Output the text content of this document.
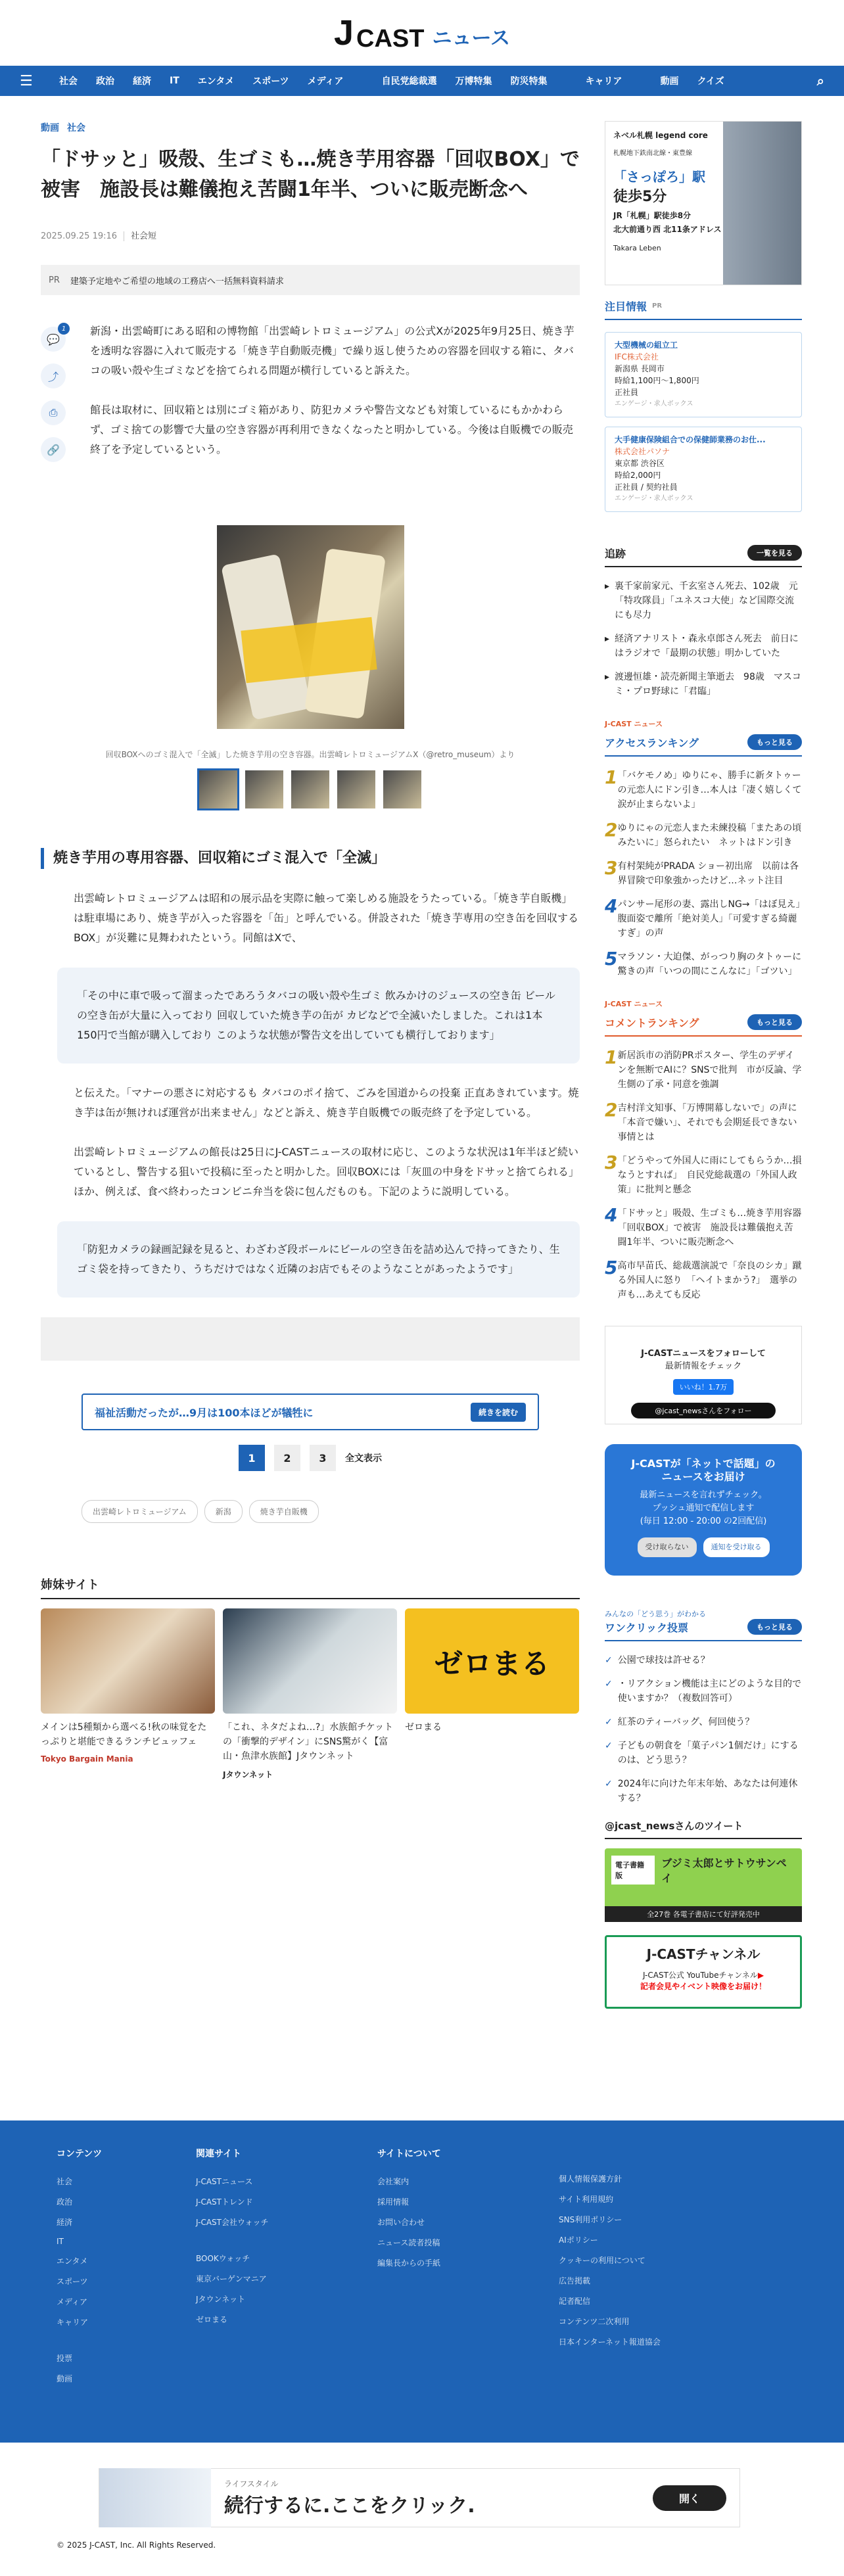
J CAST ニュース
☰	社会 政治 経済 IT エンタメ スポーツ メディア	自民党総裁選 万博特集 防災特集	キャリア	動画 クイズ	⌕
動画 社会
「ドサッと」吸殻、生ゴミも…焼き芋用容器「回収BOX」で被害　施設長は難儀抱え苦闘1年半、ついに販売断念へ
2025.09.25 19:16 社会短
PR 建築予定地やご希望の地域の工務店へ一括無料資料請求
💬
1
⤴
⎙
🔗

新潟・出雲崎町にある昭和の博物館「出雲崎レトロミュージアム」の公式Xが2025年9月25日、焼き芋を透明な容器に入れて販売する「焼き芋自動販売機」で繰り返し使うための容器を回収する箱に、タバコの吸い殻や生ゴミなどを捨てられる問題が横行していると訴えた。

館長は取材に、回収箱とは別にゴミ箱があり、防犯カメラや警告文なども対策しているにもかかわらず、ゴミ捨ての影響で大量の空き容器が再利用できなくなったと明かしている。今後は自販機での販売終了を予定しているという。

回収BOXへのゴミ混入で「全滅」した焼き芋用の空き容器。出雲崎レトロミュージアムX（@retro_museum）より
焼き芋用の専用容器、回収箱にゴミ混入で「全滅」

出雲崎レトロミュージアムは昭和の展示品を実際に触って楽しめる施設をうたっている。「焼き芋自販機」は駐車場にあり、焼き芋が入った容器を「缶」と呼んでいる。併設された「焼き芋専用の空き缶を回収するBOX」が災難に見舞われたという。同館はXで、

「その中に車で吸って溜まったであろうタバコの吸い殻や生ゴミ 飲みかけのジュースの空き缶 ビールの空き缶が大量に入っており 回収していた焼き芋の缶が カビなどで全滅いたしました。これは1本150円で当館が購入しており このような状態が警告文を出していても横行しております」

と伝えた。「マナーの悪さに対応するも タバコのポイ捨て、ごみを国道からの投棄 正直あきれています。焼き芋は缶が無ければ運営が出来ません」などと訴え、焼き芋自販機での販売終了を予定している。

出雲崎レトロミュージアムの館長は25日にJ-CASTニュースの取材に応じ、このような状況は1年半ほど続いているとし、警告する狙いで投稿に至ったと明かした。回収BOXには「灰皿の中身をドサッと捨てられる」ほか、例えば、食べ終わったコンビニ弁当を袋に包んだものも。下記のように説明している。

「防犯カメラの録画記録を見ると、わざわざ段ボールにビールの空き缶を詰め込んで持ってきたり、生ゴミ袋を持ってきたり、うちだけではなく近隣のお店でもそのようなことがあったようです」
福祉活動だったが…9月は100本ほどが犠牲に	続きを読む
1	2	3	全文表示
出雲崎レトロミュージアム	新潟	焼き芋自販機
姉妹サイト
メインは5種類から選べる!秋の味覚をたっぷりと堪能できるランチビュッフェ
Tokyo Bargain Mania
「これ、ネタだよね…?」水族館チケットの「衝撃的デザイン」にSNS驚がく【富山・魚津水族館】Jタウンネット
Jタウンネット
ゼロまる
ゼロまる
ネベル札幌 legend core
札幌地下鉄南北線・東豊線
「さっぽろ」駅
徒歩5分
JR「札幌」駅徒歩8分
北大前通り西 北11条アドレス
Takara Leben
注目情報 PR
大型機械の組立工
IFC株式会社
新潟県 長岡市
時給1,100円〜1,800円
正社員
エンゲージ・求人ボックス
大手健康保険組合での保健師業務のお仕...
株式会社パソナ
東京都 渋谷区
時給2,000円
正社員 / 契約社員
エンゲージ・求人ボックス
追跡	一覧を見る
▸ 裏千家前家元、千玄室さん死去、102歳　元「特攻隊員」「ユネスコ大使」など国際交流にも尽力
▸ 経済アナリスト・森永卓郎さん死去　前日にはラジオで「最期の状態」明かしていた
▸ 渡邊恒雄・読売新聞主筆逝去　98歳　マスコミ・プロ野球に「君臨」
J-CAST ニュース
アクセスランキング	もっと見る
1 「バケモノめ」ゆりにゃ、勝手に新タトゥーの元恋人にドン引き…本人は「凄く嬉しくて涙が止まらないよ」
2 ゆりにゃの元恋人また未練投稿「またあの頃みたいに」怒られたい　ネットはドン引き
3 有村架純がPRADA ショー初出席　以前は各界冒険で印象強かったけど…ネット注目
4 パンサー尾形の妻、露出しNG→「はぼ見え」腹面姿で離所「絶対美人」「可愛すぎる綺麗すぎ」の声
5 マラソン・大迫傑、がっつり胸のタトゥーに驚きの声「いつの間にこんなに」「ゴツい」
J-CAST ニュース
コメントランキング	もっと見る
1 新居浜市の消防PRポスター、学生のデザインを無断でAIに？SNSで批判　市が反論、学生側の了承・同意を強調
2 吉村洋文知事、「万博開幕しないで」の声に「本音で嫌い」、それでも会期延長できない事情とは
3 「どうやって外国人に雨にしてもらうか…損なうとすれば」　自民党総裁選の「外国人政策」に批判と懸念
4 「ドサッと」吸殻、生ゴミも…焼き芋用容器「回収BOX」で被害　施設長は難儀抱え苦闘1年半、ついに販売断念へ
5 高市早苗氏、総裁選演説で「奈良のシカ」蹴る外国人に怒り　「ヘイトまかう?」　選挙の声も…あえても反応
J-CASTニュースをフォローして
最新情報をチェック
いいね！1.7万
@jcast_newsさんをフォロー
J-CASTが「ネットで話題」の
ニュースをお届け
最新ニュースを言れずチェック。
プッシュ通知で配信します
(毎日 12:00 - 20:00 の2回配信)
受け取らない	通知を受け取る
みんなの「どう思う」がわかる
ワンクリック投票	もっと見る
✓ 公園で球技は許せる？
✓ ・リアクション機能は主にどのような目的で使いますか？（複数回答可）
✓ 紅茶のティーバッグ、何回使う？
✓ 子どもの朝食を「菓子パン1個だけ」にするのは、どう思う？
✓ 2024年に向けた年末年始、あなたは何連休する？
@jcast_newsさんのツイート
電子書籍版
ブジミ太郎とサトウサンペイ
全27巻 各電子書店にて好評発売中
J-CASTチャンネル
J-CAST公式 YouTubeチャンネル▶
記者会見やイベント映像をお届け！
コンテンツ
社会
政治
経済
IT
エンタメ
スポーツ
メディア
キャリア
投票
動画
関連サイト
J-CASTニュース
J-CASTトレンド
J-CAST会社ウォッチ
BOOKウォッチ
東京バーゲンマニア
Jタウンネット
ゼロまる
サイトについて
会社案内
採用情報
お問い合わせ
ニュース読者投稿
編集長からの手紙
個人情報保護方針
サイト利用規約
SNS利用ポリシー
AIポリシー
クッキーの利用について
広告掲載
記者配信
コンテンツ二次利用
日本インターネット報道協会
ライフスタイル
続行するに.ここをクリック.	開く
© 2025 J-CAST, Inc. All Rights Reserved.
